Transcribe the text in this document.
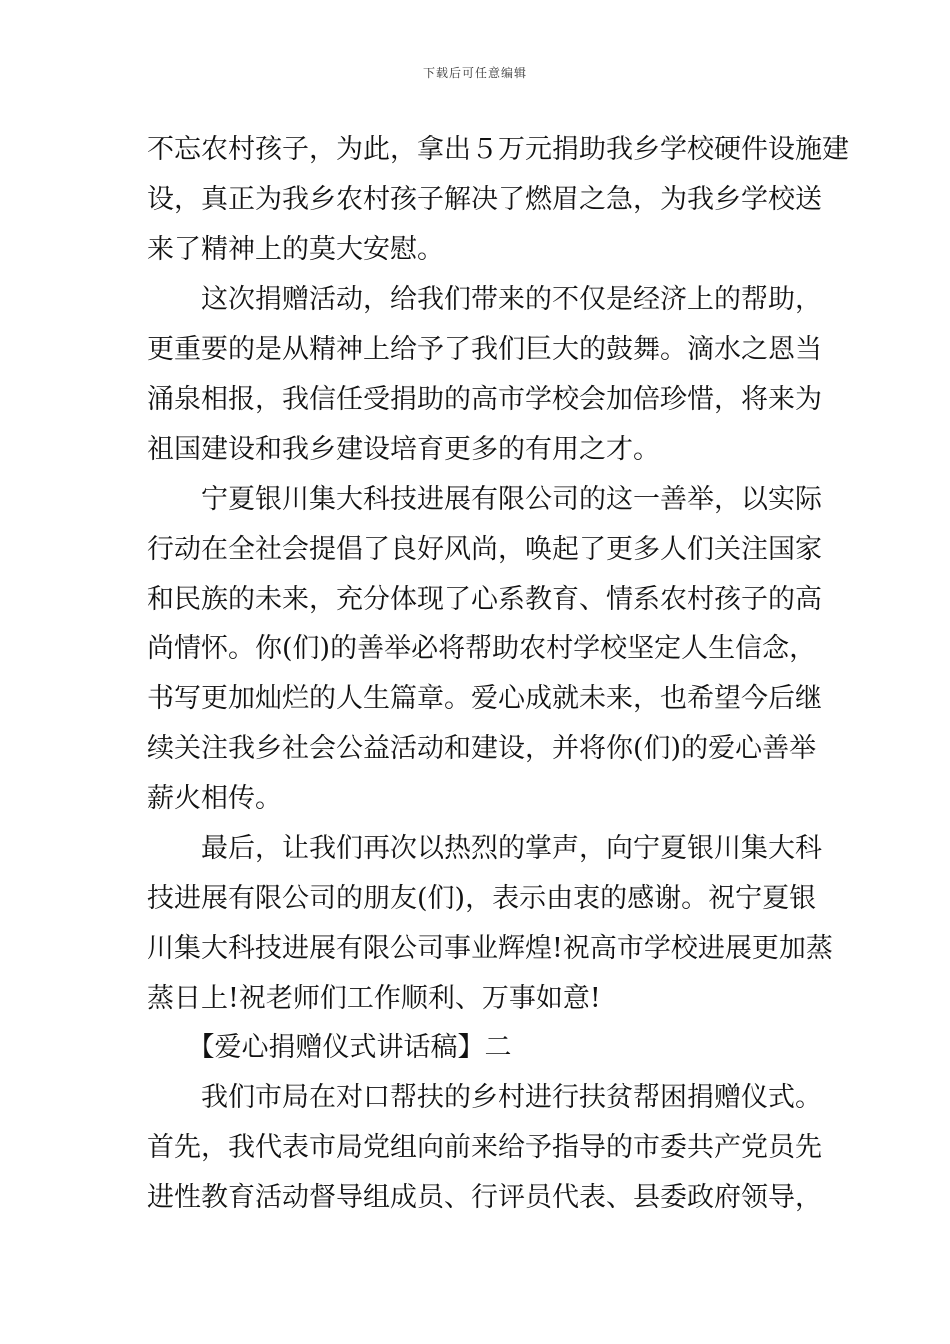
下载后可任意编辑
不忘农村孩子，为此，拿出５万元捐助我乡学校硬件设施建
设，真正为我乡农村孩子解决了燃眉之急，为我乡学校送
来了精神上的莫大安慰。
　　这次捐赠活动，给我们带来的不仅是经济上的帮助，
更重要的是从精神上给予了我们巨大的鼓舞。滴水之恩当
涌泉相报，我信任受捐助的高市学校会加倍珍惜，将来为
祖国建设和我乡建设培育更多的有用之才。
　　宁夏银川集大科技进展有限公司的这一善举，以实际
行动在全社会提倡了良好风尚，唤起了更多人们关注国家
和民族的未来，充分体现了心系教育、情系农村孩子的高
尚情怀。你(们)的善举必将帮助农村学校坚定人生信念，
书写更加灿烂的人生篇章。爱心成就未来，也希望今后继
续关注我乡社会公益活动和建设，并将你(们)的爱心善举
薪火相传。
　　最后，让我们再次以热烈的掌声，向宁夏银川集大科
技进展有限公司的朋友(们)，表示由衷的感谢。祝宁夏银
川集大科技进展有限公司事业辉煌!祝高市学校进展更加蒸
蒸日上!祝老师们工作顺利、万事如意!
　　【爱心捐赠仪式讲话稿】二
　　我们市局在对口帮扶的乡村进行扶贫帮困捐赠仪式。
首先，我代表市局党组向前来给予指导的市委共产党员先
进性教育活动督导组成员、行评员代表、县委政府领导，
